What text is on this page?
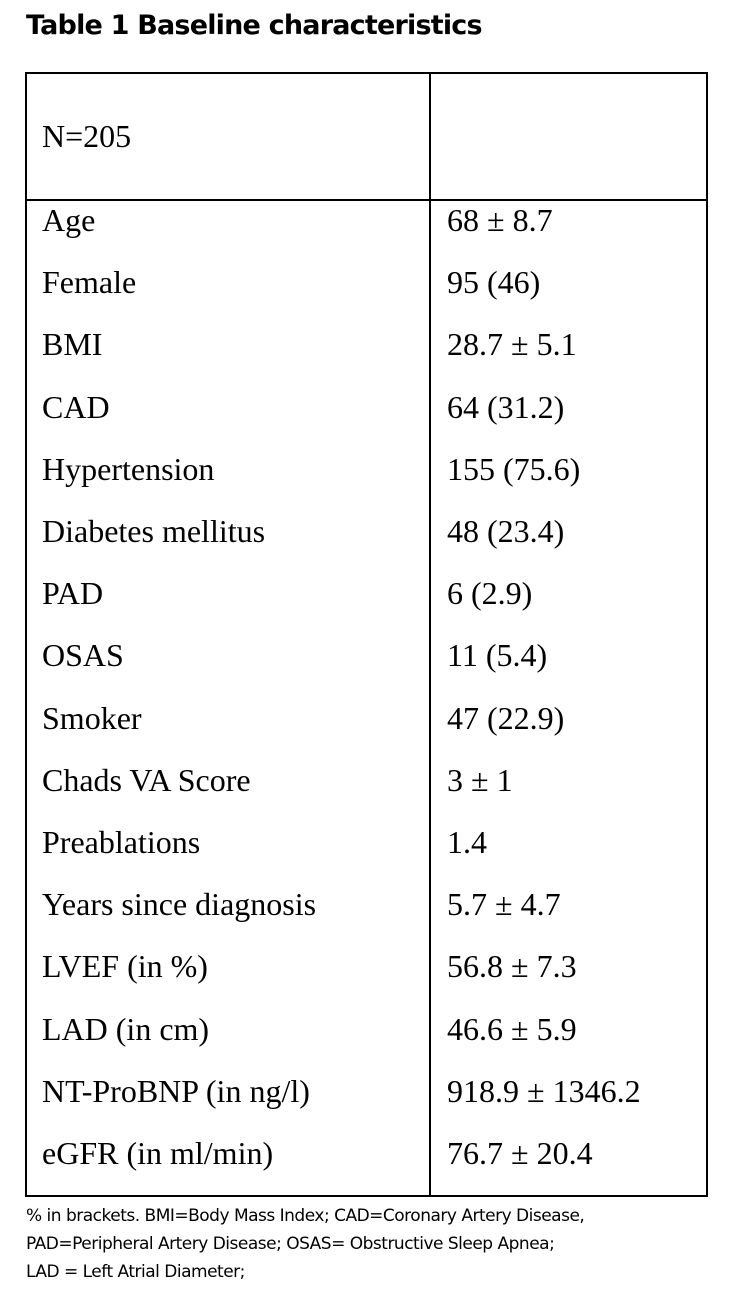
Table 1 Baseline characteristics
N=205
Age	68 ± 8.7
Female	95 (46)
BMI	28.7 ± 5.1
CAD	64 (31.2)
Hypertension	155 (75.6)
Diabetes mellitus	48 (23.4)
PAD	6 (2.9)
OSAS	11 (5.4)
Smoker	47 (22.9)
Chads VA Score	3 ± 1
Preablations	1.4
Years since diagnosis	5.7 ± 4.7
LVEF (in %)	56.8 ± 7.3
LAD (in cm)	46.6 ± 5.9
NT-ProBNP (in ng/l)	918.9 ± 1346.2
eGFR (in ml/min)	76.7 ± 20.4
% in brackets. BMI=Body Mass Index; CAD=Coronary Artery Disease,
PAD=Peripheral Artery Disease; OSAS= Obstructive Sleep Apnea;
LAD = Left Atrial Diameter;
